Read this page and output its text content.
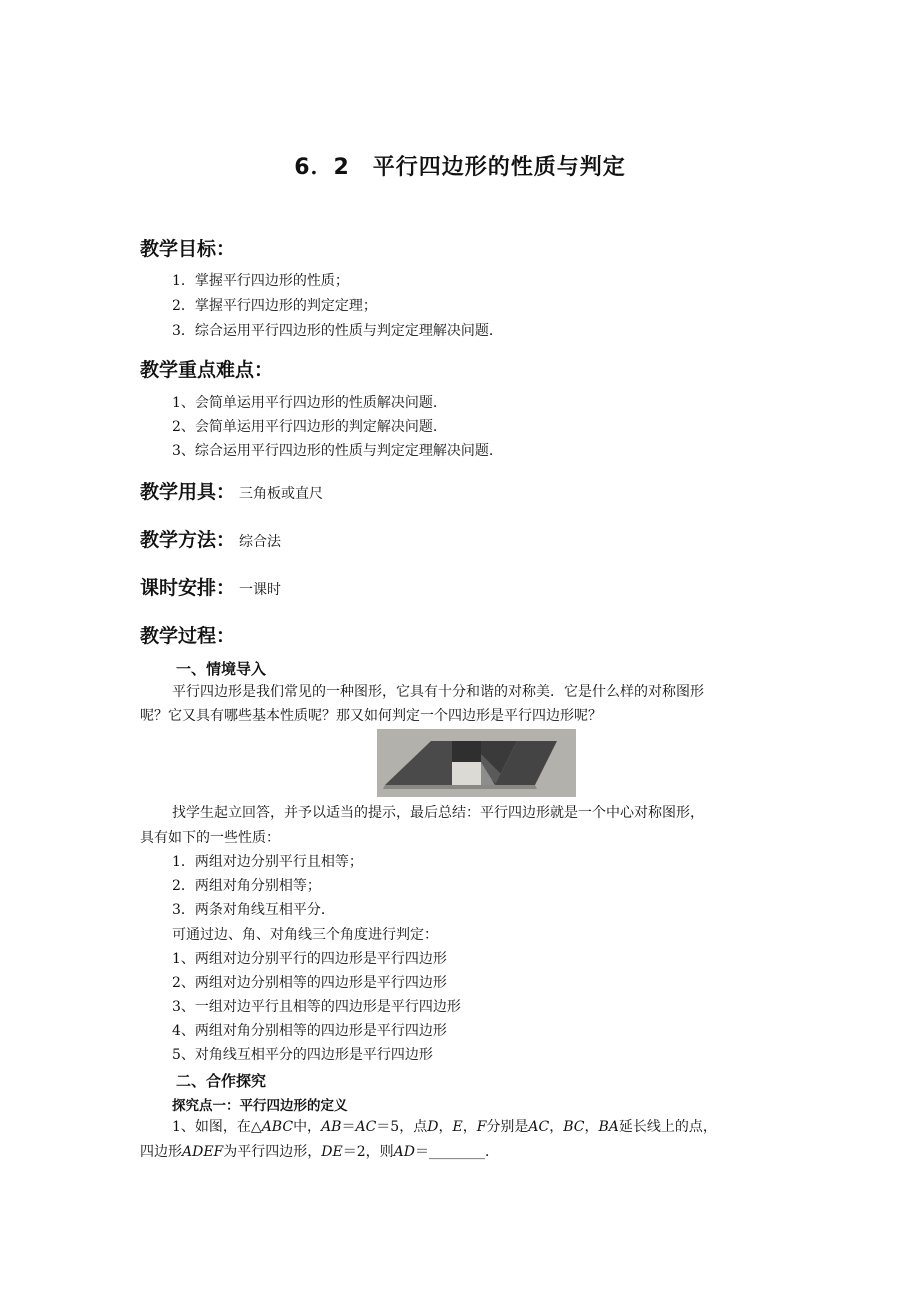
6．2　平行四边形的性质与判定
教学目标：
1．掌握平行四边形的性质；
2．掌握平行四边形的判定定理；
3．综合运用平行四边形的性质与判定定理解决问题．
教学重点难点：
1、会简单运用平行四边形的性质解决问题.
2、会简单运用平行四边形的判定解决问题.
3、综合运用平行四边形的性质与判定定理解决问题.
教学用具： 三角板或直尺
教学方法： 综合法
课时安排： 一课时
教学过程：
一、情境导入
平行四边形是我们常见的一种图形，它具有十分和谐的对称美．它是什么样的对称图形
呢？它又具有哪些基本性质呢？那又如何判定一个四边形是平行四边形呢？
找学生起立回答，并予以适当的提示，最后总结：平行四边形就是一个中心对称图形，
具有如下的一些性质：
1．两组对边分别平行且相等；
2．两组对角分别相等；
3．两条对角线互相平分．
可通过边、角、对角线三个角度进行判定：
1、两组对边分别平行的四边形是平行四边形
2、两组对边分别相等的四边形是平行四边形
3、一组对边平行且相等的四边形是平行四边形
4、两组对角分别相等的四边形是平行四边形
5、对角线互相平分的四边形是平行四边形
二、合作探究
探究点一：平行四边形的定义
1、如图，在△ABC中，AB＝AC＝5，点D，E，F分别是AC，BC，BA延长线上的点，
四边形ADEF为平行四边形，DE＝2，则AD＝________．
